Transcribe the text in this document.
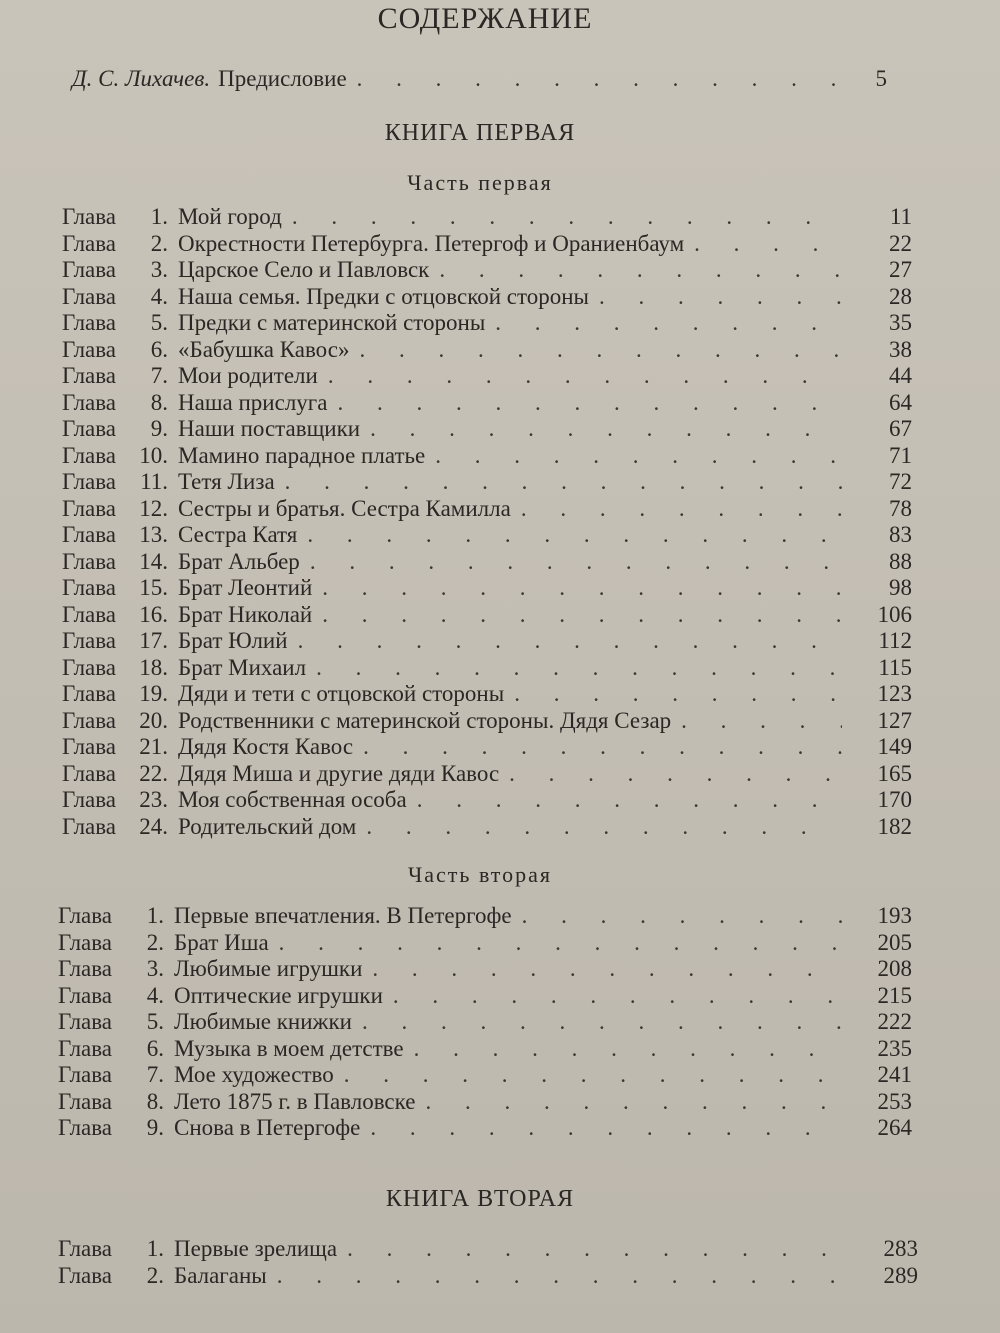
СОДЕРЖАНИЕ
Д. С. Лихачев. Предисловие . . .	5
КНИГА ПЕРВАЯ
Часть первая
Глава	1. Мой город . . .	11
Глава	2. Окрестности Петербурга. Петергоф и Ораниенбаум . . .	22
Глава	3. Царское Село и Павловск . . .	27
Глава	4. Наша семья. Предки с отцовской стороны . . .	28
Глава	5. Предки с материнской стороны . . .	35
Глава	6. «Бабушка Кавос» . . .	38
Глава	7. Мои родители . . .	44
Глава	8. Наша прислуга . . .	64
Глава	9. Наши поставщики . . .	67
Глава	10. Мамино парадное платье . . .	71
Глава	11. Тетя Лиза . . .	72
Глава	12. Сестры и братья. Сестра Камилла . . .	78
Глава	13. Сестра Катя . . .	83
Глава	14. Брат Альбер . . .	88
Глава	15. Брат Леонтий . . .	98
Глава	16. Брат Николай . . .	106
Глава	17. Брат Юлий . . .	112
Глава	18. Брат Михаил . . .	115
Глава	19. Дяди и тети с отцовской стороны . . .	123
Глава	20. Родственники с материнской стороны. Дядя Сезар . . .	127
Глава	21. Дядя Костя Кавос . . .	149
Глава	22. Дядя Миша и другие дяди Кавос . . .	165
Глава	23. Моя собственная особа . . .	170
Глава	24. Родительский дом . . .	182
Часть вторая
Глава	1. Первые впечатления. В Петергофе . . .	193
Глава	2. Брат Иша . . .	205
Глава	3. Любимые игрушки . . .	208
Глава	4. Оптические игрушки . . .	215
Глава	5. Любимые книжки . . .	222
Глава	6. Музыка в моем детстве . . .	235
Глава	7. Мое художество . . .	241
Глава	8. Лето 1875 г. в Павловске . . .	253
Глава	9. Снова в Петергофе . . .	264
КНИГА ВТОРАЯ
Глава	1. Первые зрелища . . .	283
Глава	2. Балаганы . . .	289
